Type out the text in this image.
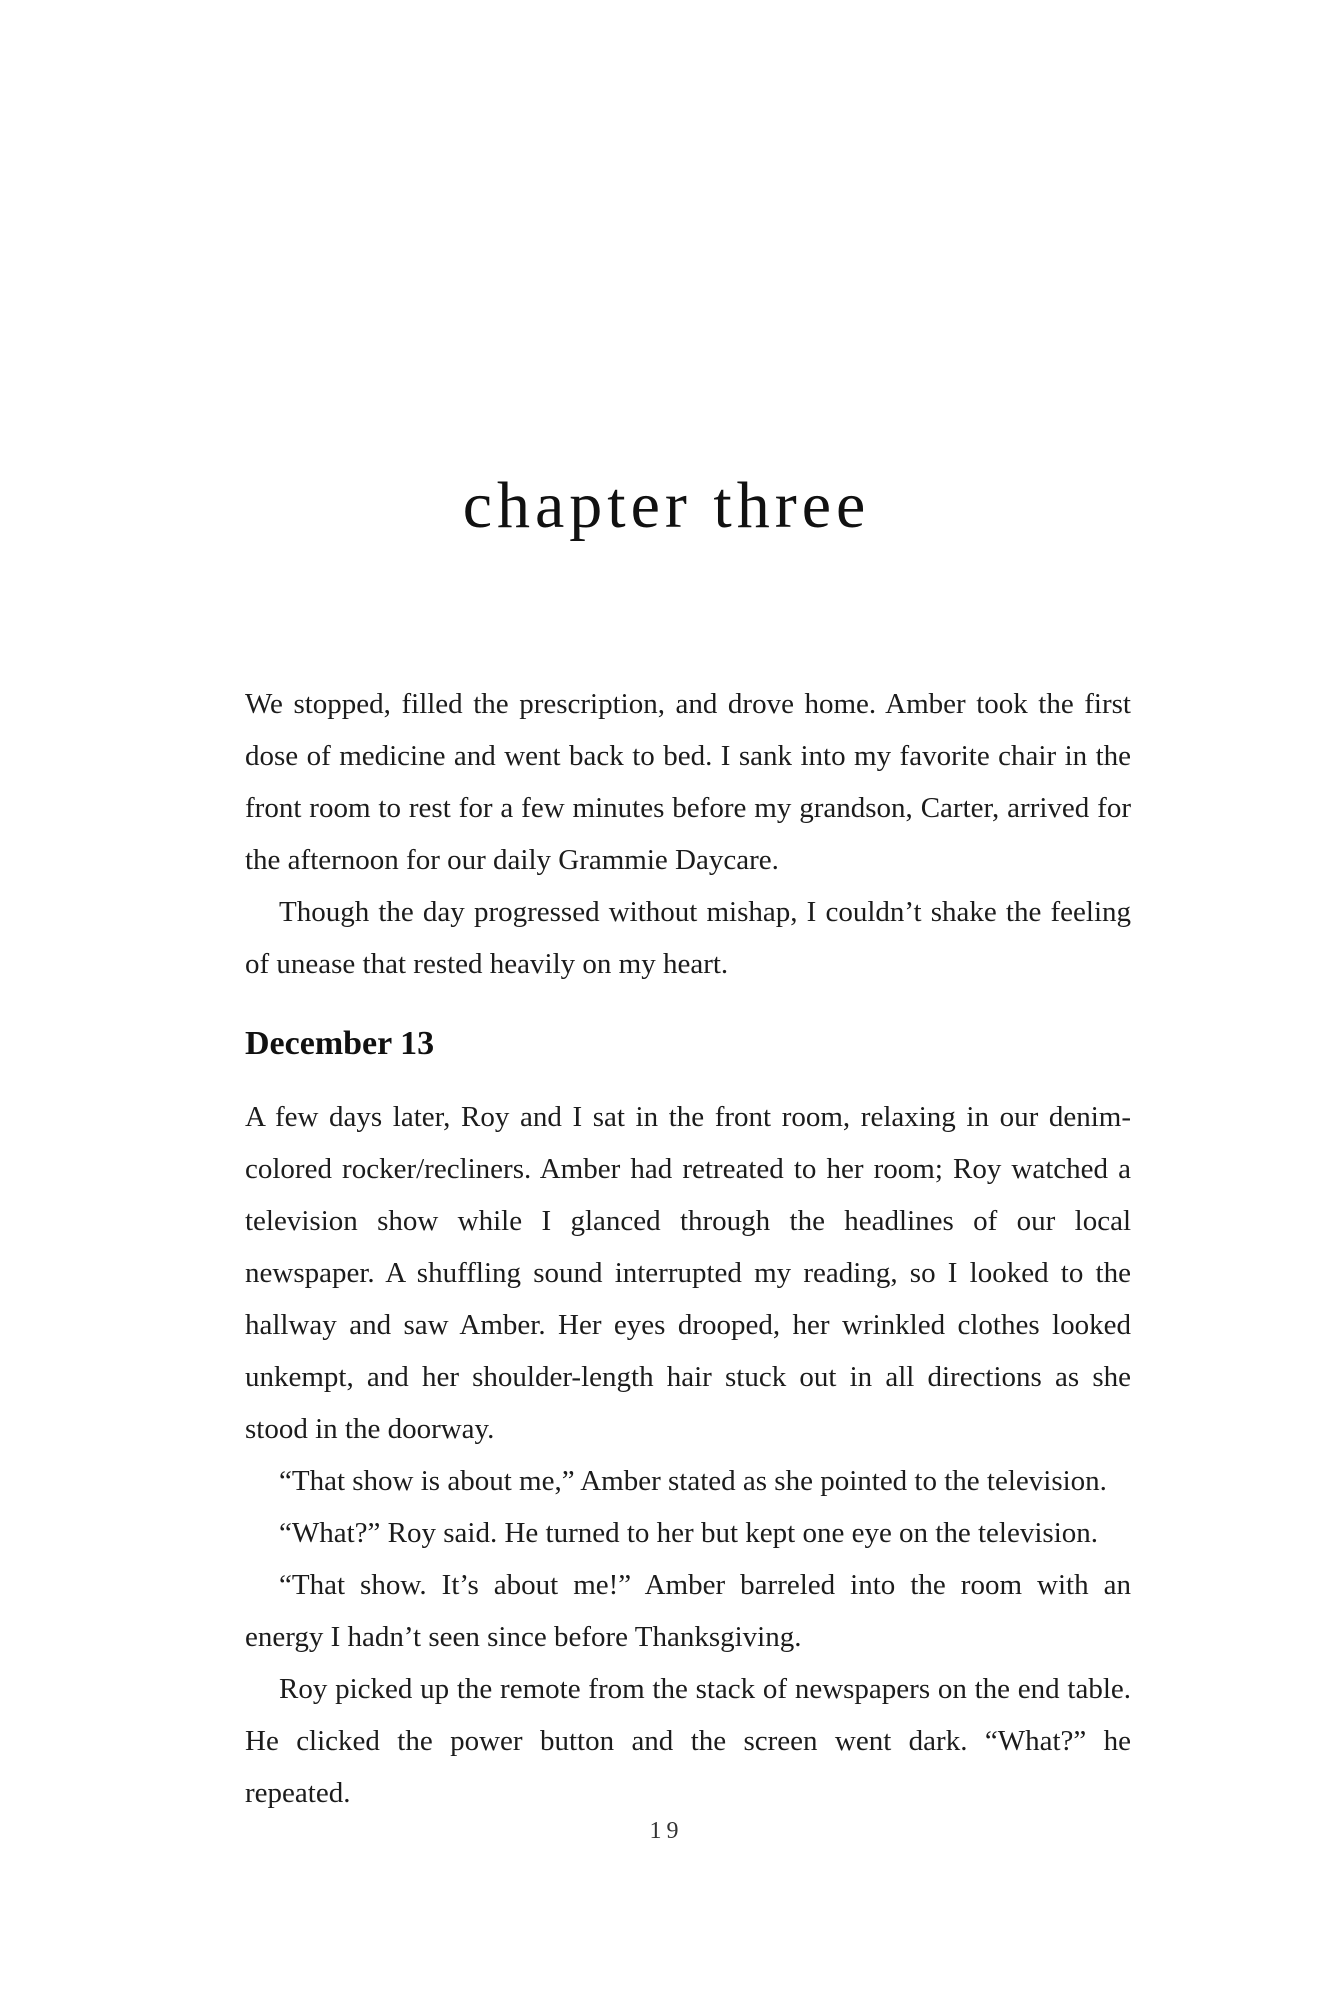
chapter three

We stopped, filled the prescription, and drove home. Amber took the first dose of medicine and went back to bed. I sank into my favorite chair in the front room to rest for a few minutes before my grandson, Carter, arrived for the afternoon for our daily Grammie Daycare.

Though the day progressed without mishap, I couldn’t shake the feeling of unease that rested heavily on my heart.

December 13

A few days later, Roy and I sat in the front room, relaxing in our denim-colored rocker/recliners. Amber had retreated to her room; Roy watched a television show while I glanced through the headlines of our local newspaper. A shuffling sound interrupted my reading, so I looked to the hallway and saw Amber. Her eyes drooped, her wrinkled clothes looked unkempt, and her shoulder-length hair stuck out in all directions as she stood in the doorway.

“That show is about me,” Amber stated as she pointed to the television.

“What?” Roy said. He turned to her but kept one eye on the television.

“That show. It’s about me!” Amber barreled into the room with an energy I hadn’t seen since before Thanksgiving.

Roy picked up the remote from the stack of newspapers on the end table. He clicked the power button and the screen went dark. “What?” he repeated.

19
